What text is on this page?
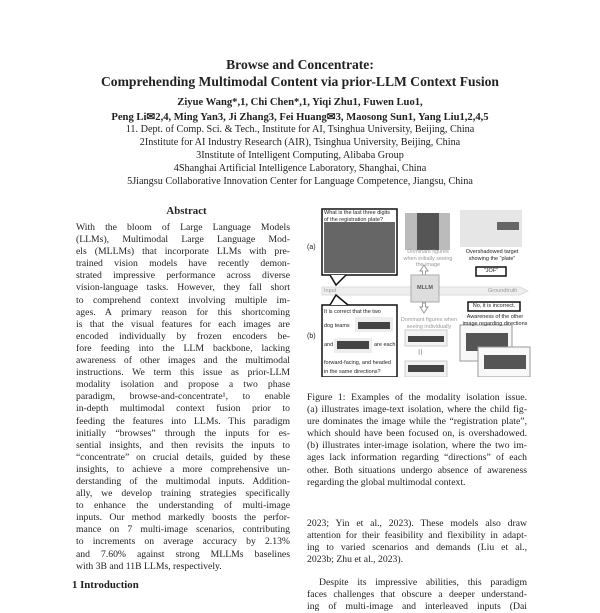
Browse and Concentrate:
Comprehending Multimodal Content via prior-LLM Context Fusion
Ziyue Wang*,1, Chi Chen*,1, Yiqi Zhu1, Fuwen Luo1,
Peng Li✉2,4, Ming Yan3, Ji Zhang3, Fei Huang✉3, Maosong Sun1, Yang Liu1,2,4,5
11. Dept. of Comp. Sci. & Tech., Institute for AI, Tsinghua University, Beijing, China
2Institute for AI Industry Research (AIR), Tsinghua University, Beijing, China
3Institute of Intelligent Computing, Alibaba Group
4Shanghai Artificial Intelligence Laboratory, Shanghai, China
5Jiangsu Collaborative Innovation Center for Language Competence, Jiangsu, China
Abstract
With the bloom of Large Language Models
(LLMs), Multimodal Large Language Mod-
els (MLLMs) that incorporate LLMs with pre-
trained vision models have recently demon-
strated impressive performance across diverse
vision-language tasks. However, they fall short
to comprehend context involving multiple im-
ages. A primary reason for this shortcoming
is that the visual features for each images are
encoded individually by frozen encoders be-
fore feeding into the LLM backbone, lacking
awareness of other images and the multimodal
instructions. We term this issue as prior-LLM
modality isolation and propose a two phase
paradigm, browse-and-concentrate¹, to enable
in-depth multimodal context fusion prior to
feeding the features into LLMs. This paradigm
initially “browses” through the inputs for es-
sential insights, and then revisits the inputs to
“concentrate” on crucial details, guided by these
insights, to achieve a more comprehensive un-
derstanding of the multimodal inputs. Addition-
ally, we develop training strategies specifically
to enhance the understanding of multi-image
inputs. Our method markedly boosts the perfor-
mance on 7 multi-image scenarios, contributing
to increments on average accuracy by 2.13%
and 7.60% against strong MLLMs baselines
with 3B and 11B LLMs, respectively.
1 Introduction
(a)
(b)
What is the last three digits of the registration plate?
Dominant figures when initially seeing the image
Overshadowed target showing the “plate”
"JOF"
Input	MLLM	Groundtruth
No, it is incorrect.
Awareness of the other image regarding directions
Dominant figures when seeing individually
II
It is correct that the two
dog teams
and	are each
forward-facing, and headed
in the same directions?
Figure 1: Examples of the modality isolation issue.
(a) illustrates image-text isolation, where the child fig-
ure dominates the image while the “registration plate”,
which should have been focused on, is overshadowed.
(b) illustrates inter-image isolation, where the two im-
ages lack information regarding “directions” of each
other. Both situations undergo absence of awareness
regarding the global multimodal context.
2023; Yin et al., 2023). These models also draw
attention for their feasibility and flexibility in adapt-
ing to varied scenarios and demands (Liu et al.,
2023b; Zhu et al., 2023).
Despite its impressive abilities, this paradigm
faces challenges that obscure a deeper understand-
ing of multi-image and interleaved inputs (Dai
